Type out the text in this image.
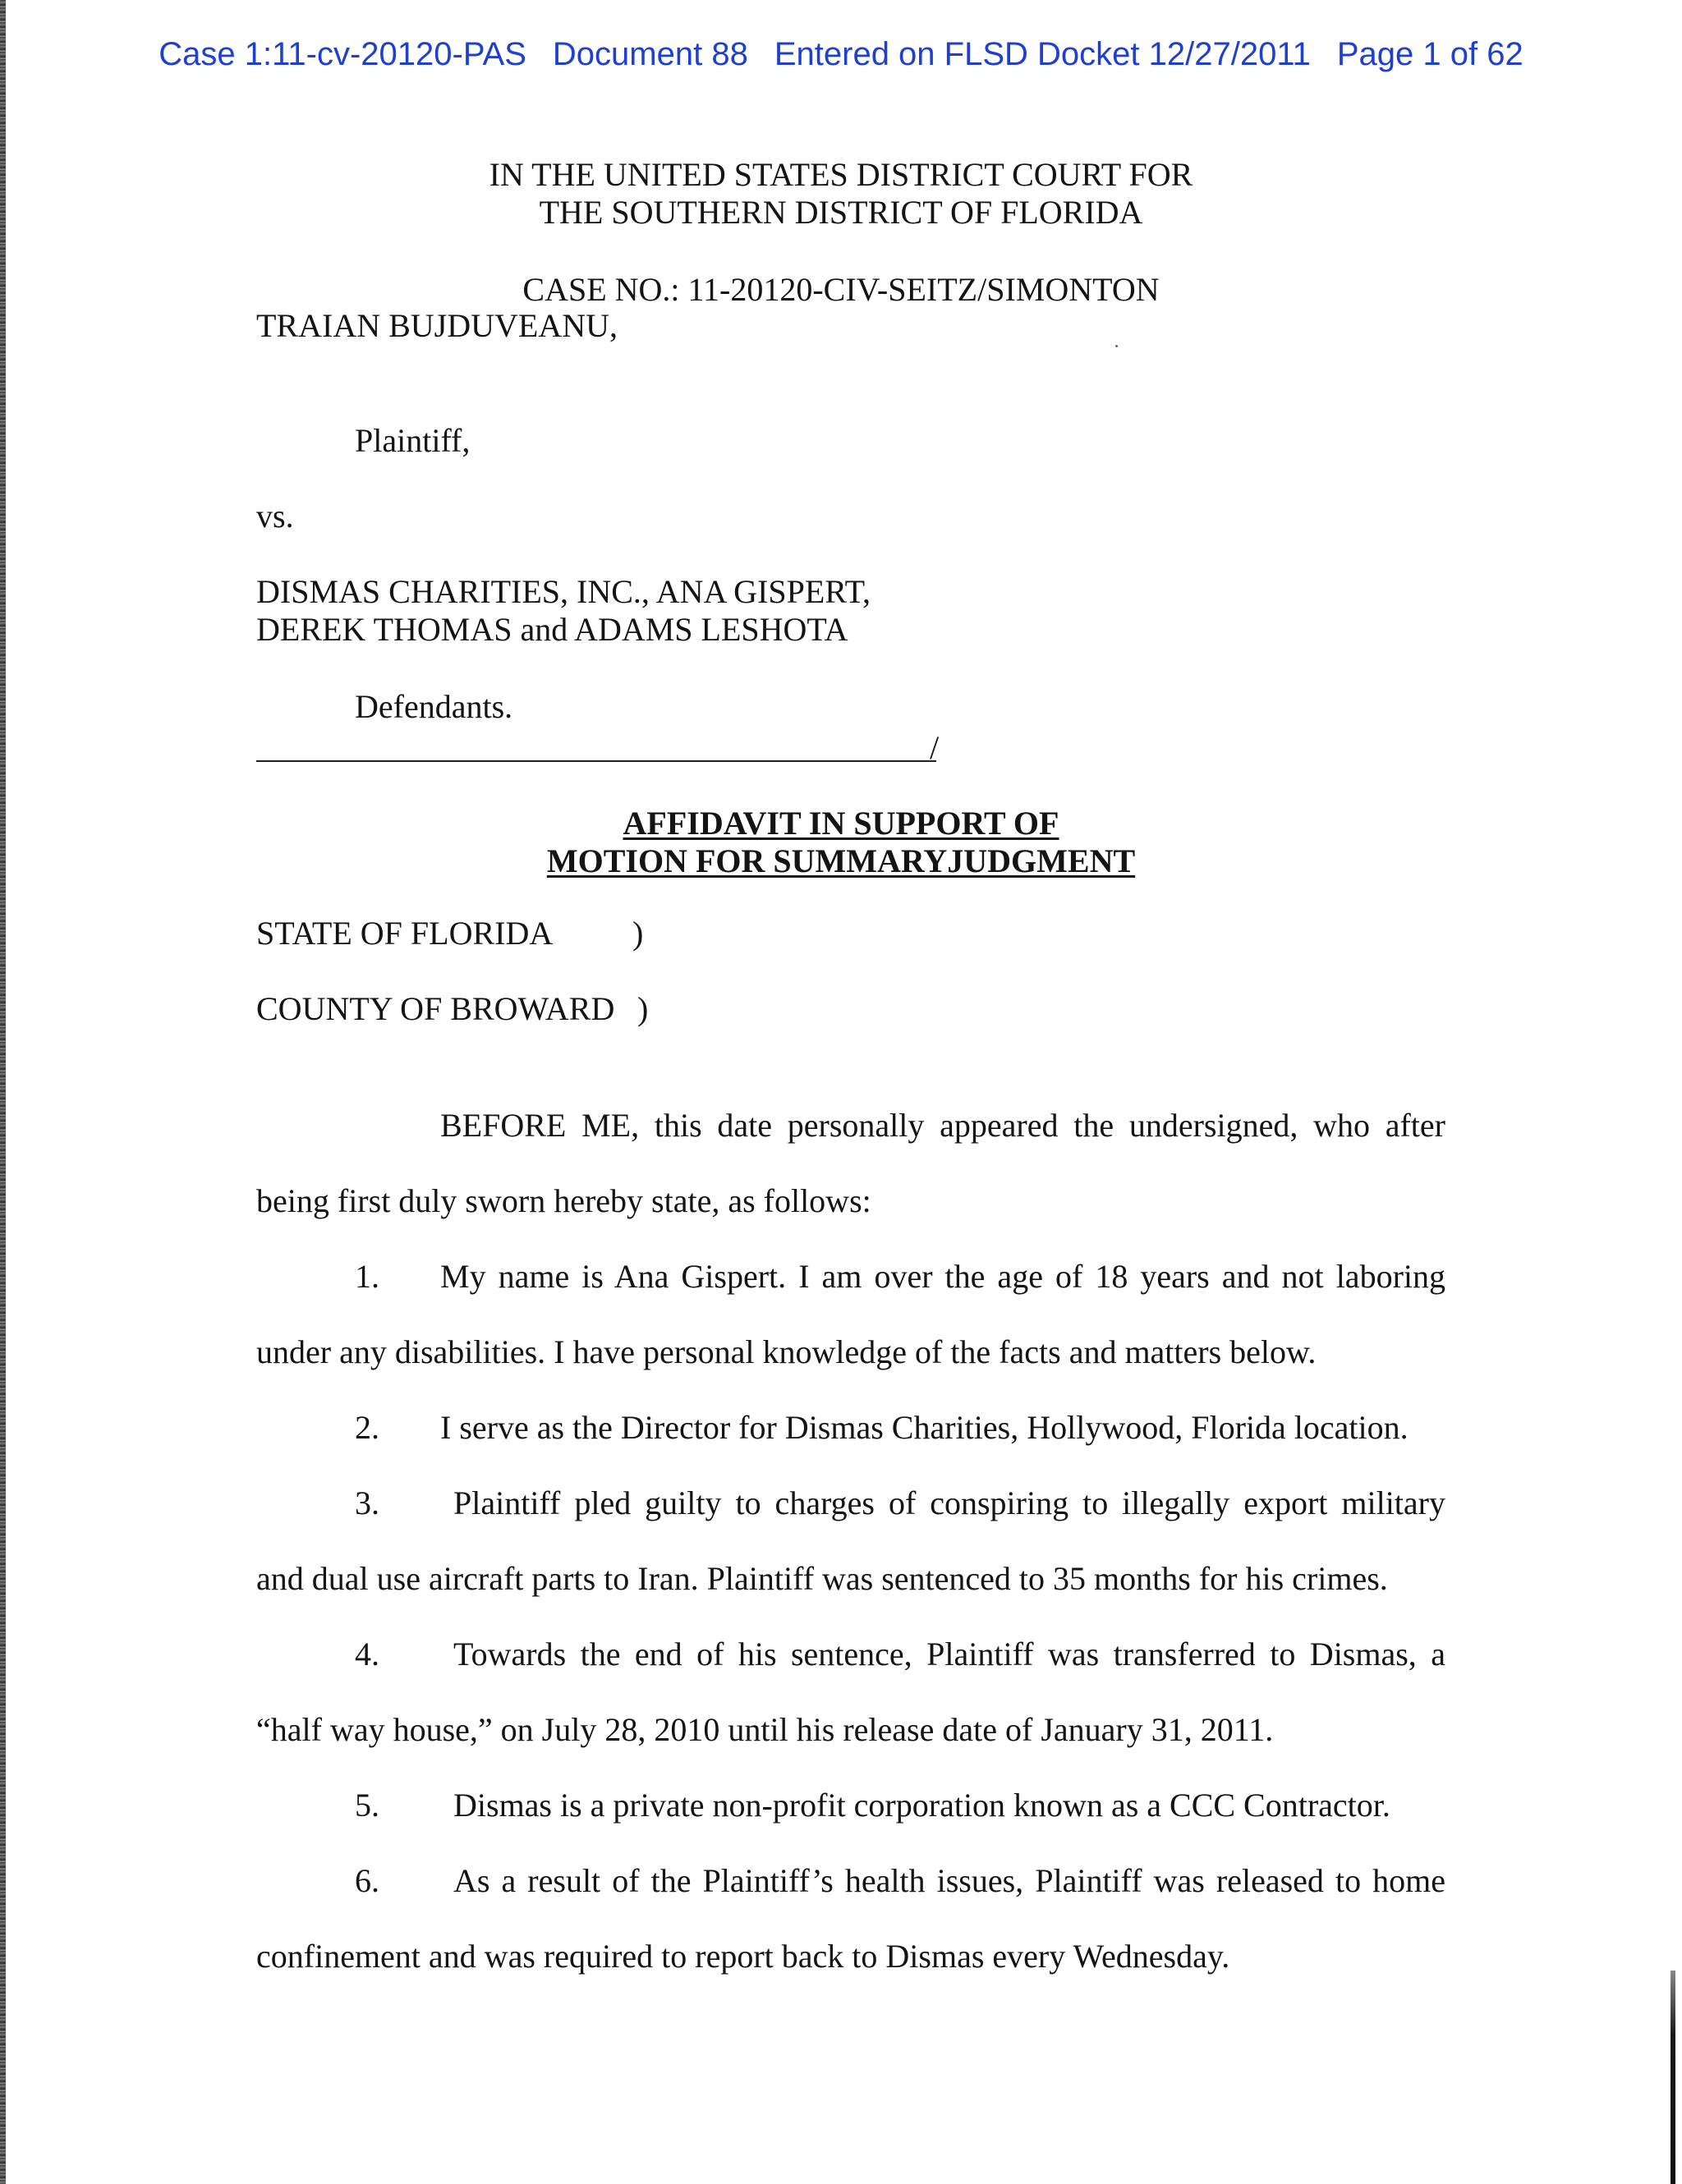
Case 1:11-cv-20120-PAS Document 88 Entered on FLSD Docket 12/27/2011 Page 1 of 62
IN THE UNITED STATES DISTRICT COURT FOR
THE SOUTHERN DISTRICT OF FLORIDA
CASE NO.: 11-20120-CIV-SEITZ/SIMONTON
TRAIAN BUJDUVEANU,
Plaintiff,
vs.
DISMAS CHARITIES, INC., ANA GISPERT,
DEREK THOMAS and ADAMS LESHOTA
Defendants.
/
AFFIDAVIT IN SUPPORT OF
MOTION FOR SUMMARYJUDGMENT
STATE OF FLORIDA )
COUNTY OF BROWARD )
BEFORE ME, this date personally appeared the undersigned, who after
being first duly sworn hereby state, as follows:
1. My name is Ana Gispert. I am over the age of 18 years and not laboring
under any disabilities. I have personal knowledge of the facts and matters below.
2. I serve as the Director for Dismas Charities, Hollywood, Florida location.
3. Plaintiff pled guilty to charges of conspiring to illegally export military
and dual use aircraft parts to Iran. Plaintiff was sentenced to 35 months for his crimes.
4. Towards the end of his sentence, Plaintiff was transferred to Dismas, a
“half way house,” on July 28, 2010 until his release date of January 31, 2011.
5. Dismas is a private non-profit corporation known as a CCC Contractor.
6. As a result of the Plaintiff’s health issues, Plaintiff was released to home
confinement and was required to report back to Dismas every Wednesday.
